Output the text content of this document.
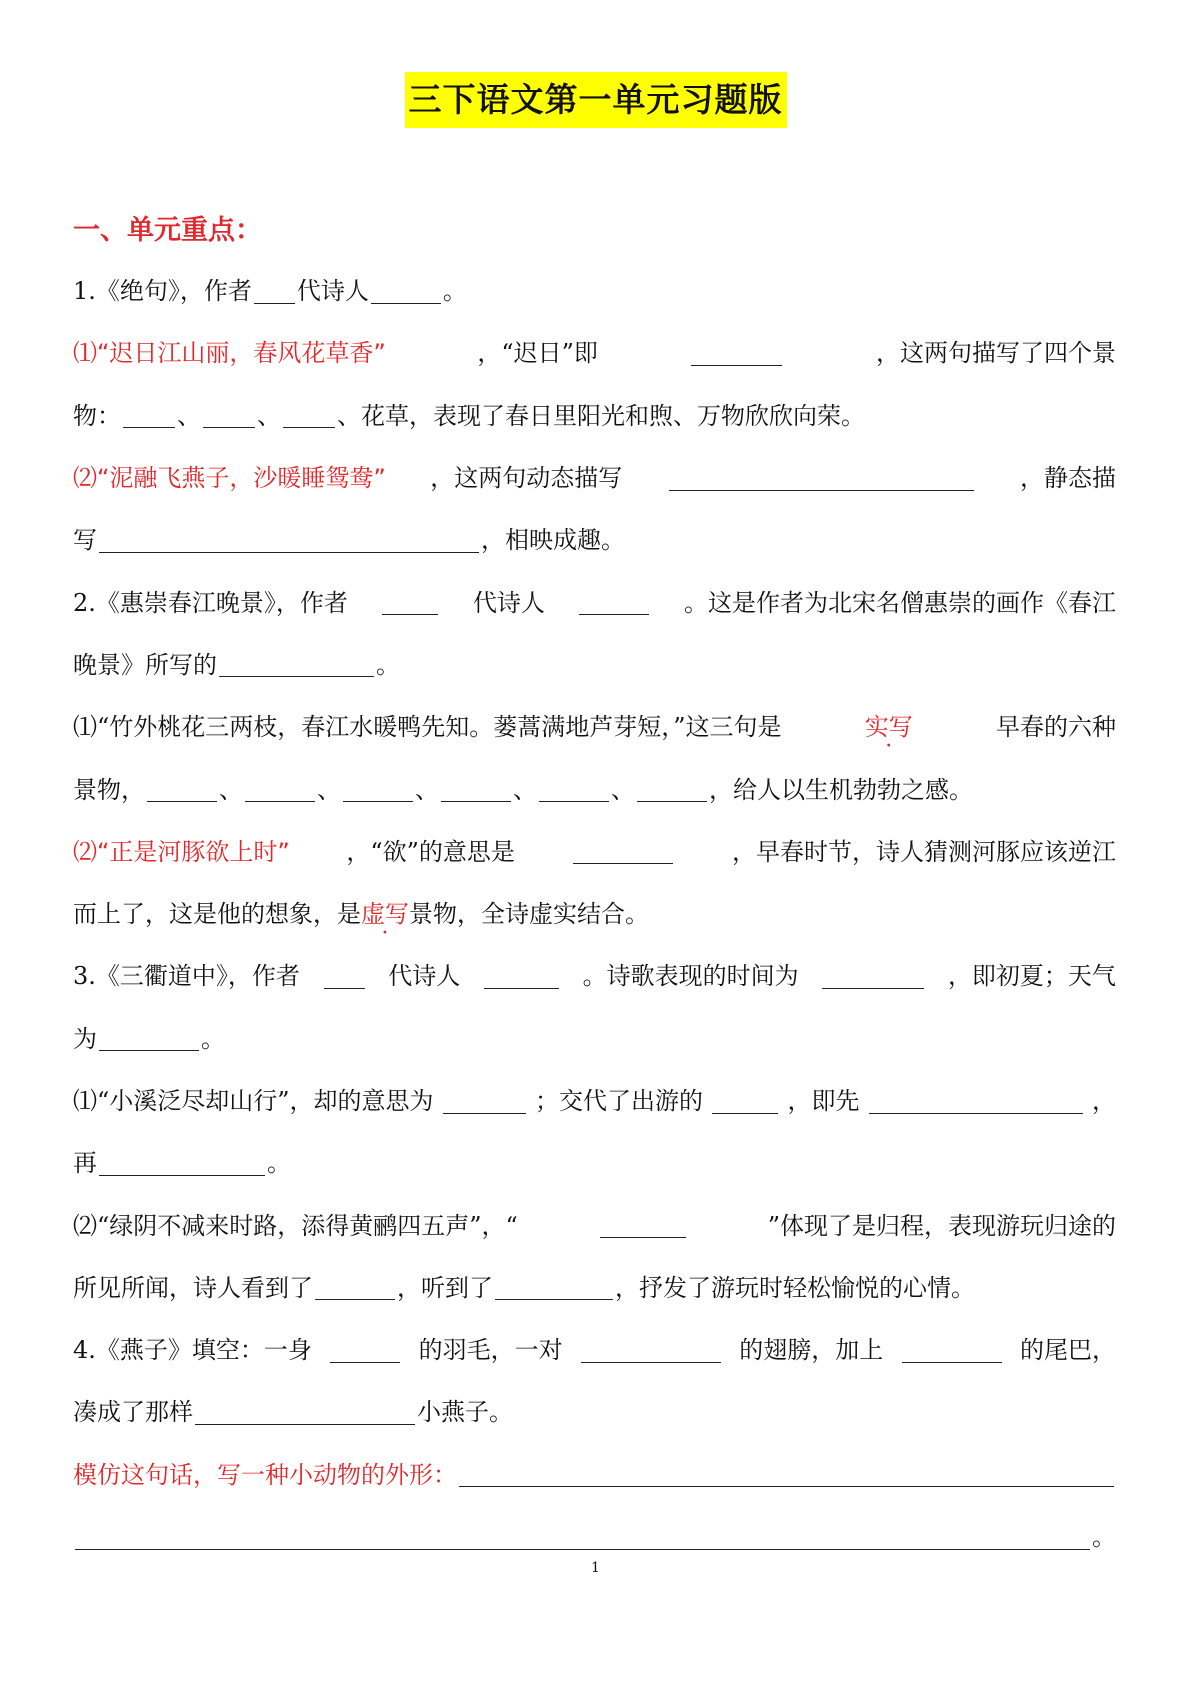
三下语文第一单元习题版
一、单元重点：
1.《绝句》，作者 代诗人	。
⑴“迟日江山丽，春风花草香”	，“迟日”即	，这两句描写了四个景
物： 、 、 、花草，表现了春日里阳光和煦、万物欣欣向荣。
⑵“泥融飞燕子，沙暖睡鸳鸯” ，这两句动态描写	，静态描
写	，相映成趣。
2.《惠崇春江晚景》，作者	代诗人	。这是作者为北宋名僧惠崇的画作《春江
晚景》所写的	。
⑴“竹外桃花三两枝，春江水暖鸭先知。蒌蒿满地芦芽短，”这三句是	实写 ·	早春的六种
景物，	、	、	、	、	、	，给人以生机勃勃之感。
⑵“正是河豚欲上时” ，“欲”的意思是	，早春时节，诗人猜测河豚应该逆江
而上了，这是他的想象，是 虚写 · 景物，全诗虚实结合。
3.《三衢道中》，作者	代诗人	。诗歌表现的时间为	，即初夏；天气
为	。
⑴“小溪泛尽却山行”，却的意思为	；交代了出游的	，即先	，
再	。
⑵“绿阴不减来时路，添得黄鹂四五声”，“	”体现了是归程，表现游玩归途的
所见所闻，诗人看到了	，听到了	，抒发了游玩时轻松愉悦的心情。
4.《燕子》填空：一身	的羽毛，一对	的翅膀，加上	的尾巴，
凑成了那样	小燕子。
模仿这句话，写一种小动物的外形：
。
1
